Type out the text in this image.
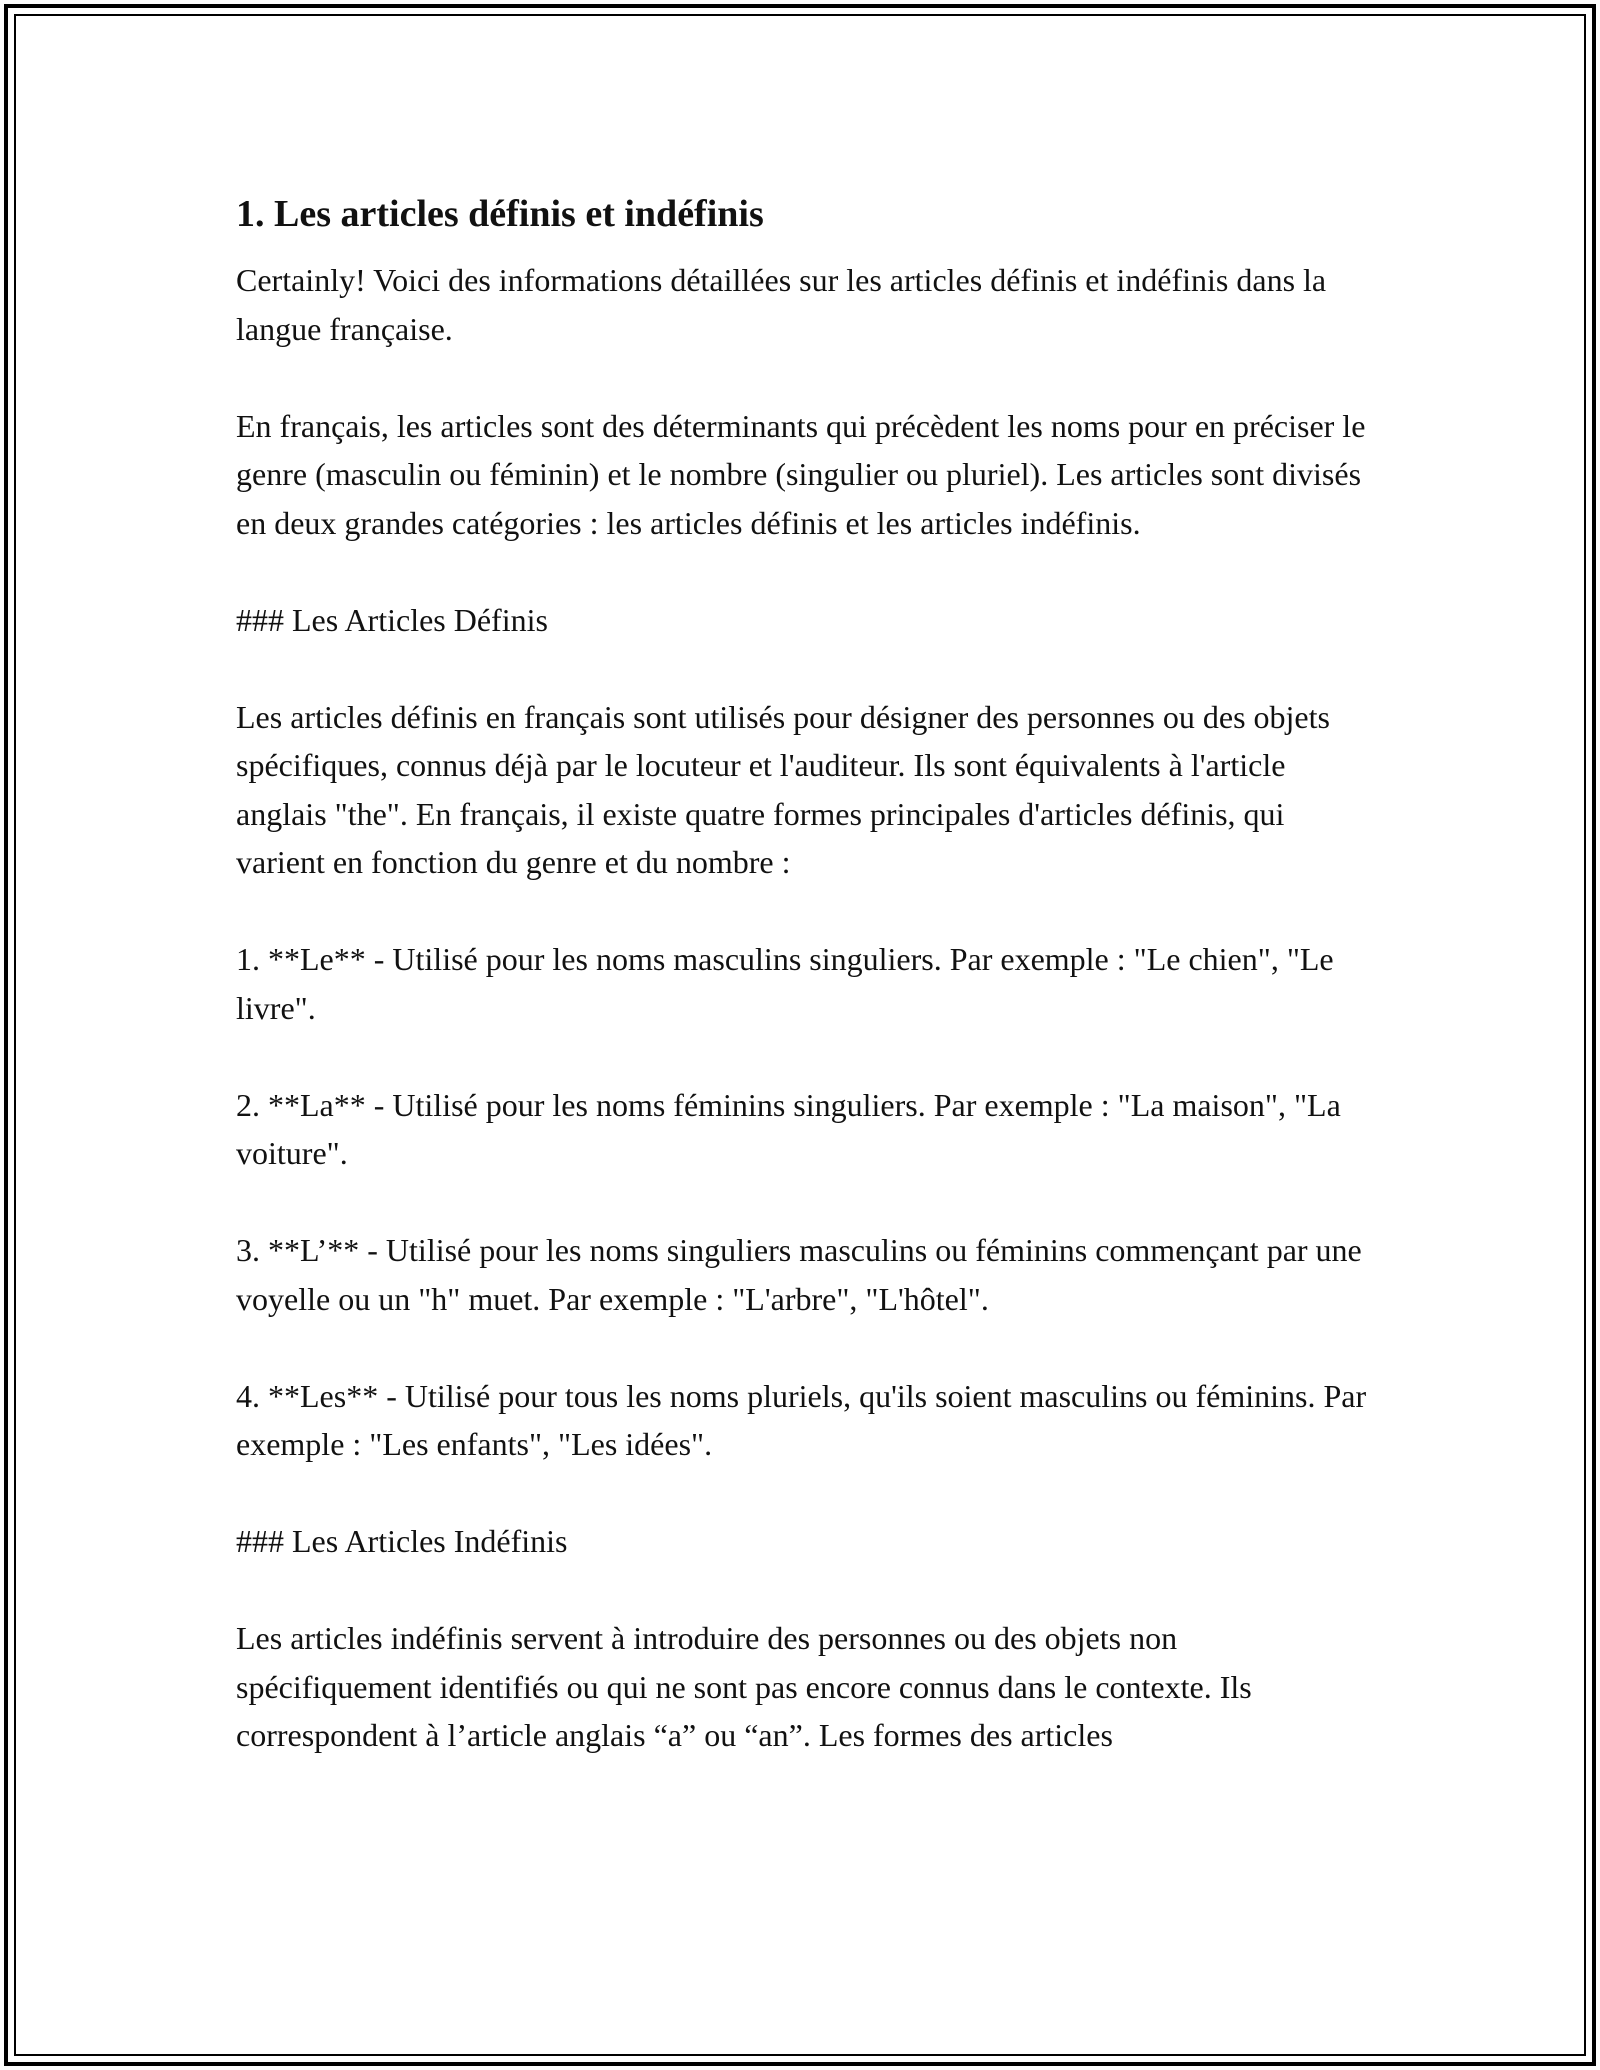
1. Les articles définis et indéfinis

Certainly! Voici des informations détaillées sur les articles définis et indéfinis dans la langue française.

En français, les articles sont des déterminants qui précèdent les noms pour en préciser le genre (masculin ou féminin) et le nombre (singulier ou pluriel). Les articles sont divisés en deux grandes catégories : les articles définis et les articles indéfinis.

### Les Articles Définis

Les articles définis en français sont utilisés pour désigner des personnes ou des objets spécifiques, connus déjà par le locuteur et l'auditeur. Ils sont équivalents à l'article anglais "the". En français, il existe quatre formes principales d'articles définis, qui varient en fonction du genre et du nombre :

1. **Le** - Utilisé pour les noms masculins singuliers. Par exemple : "Le chien", "Le livre".

2. **La** - Utilisé pour les noms féminins singuliers. Par exemple : "La maison", "La voiture".

3. **L’** - Utilisé pour les noms singuliers masculins ou féminins commençant par une voyelle ou un "h" muet. Par exemple : "L'arbre", "L'hôtel".

4. **Les** - Utilisé pour tous les noms pluriels, qu'ils soient masculins ou féminins. Par exemple : "Les enfants", "Les idées".

### Les Articles Indéfinis

Les articles indéfinis servent à introduire des personnes ou des objets non spécifiquement identifiés ou qui ne sont pas encore connus dans le contexte. Ils correspondent à l’article anglais “a” ou “an”. Les formes des articles
